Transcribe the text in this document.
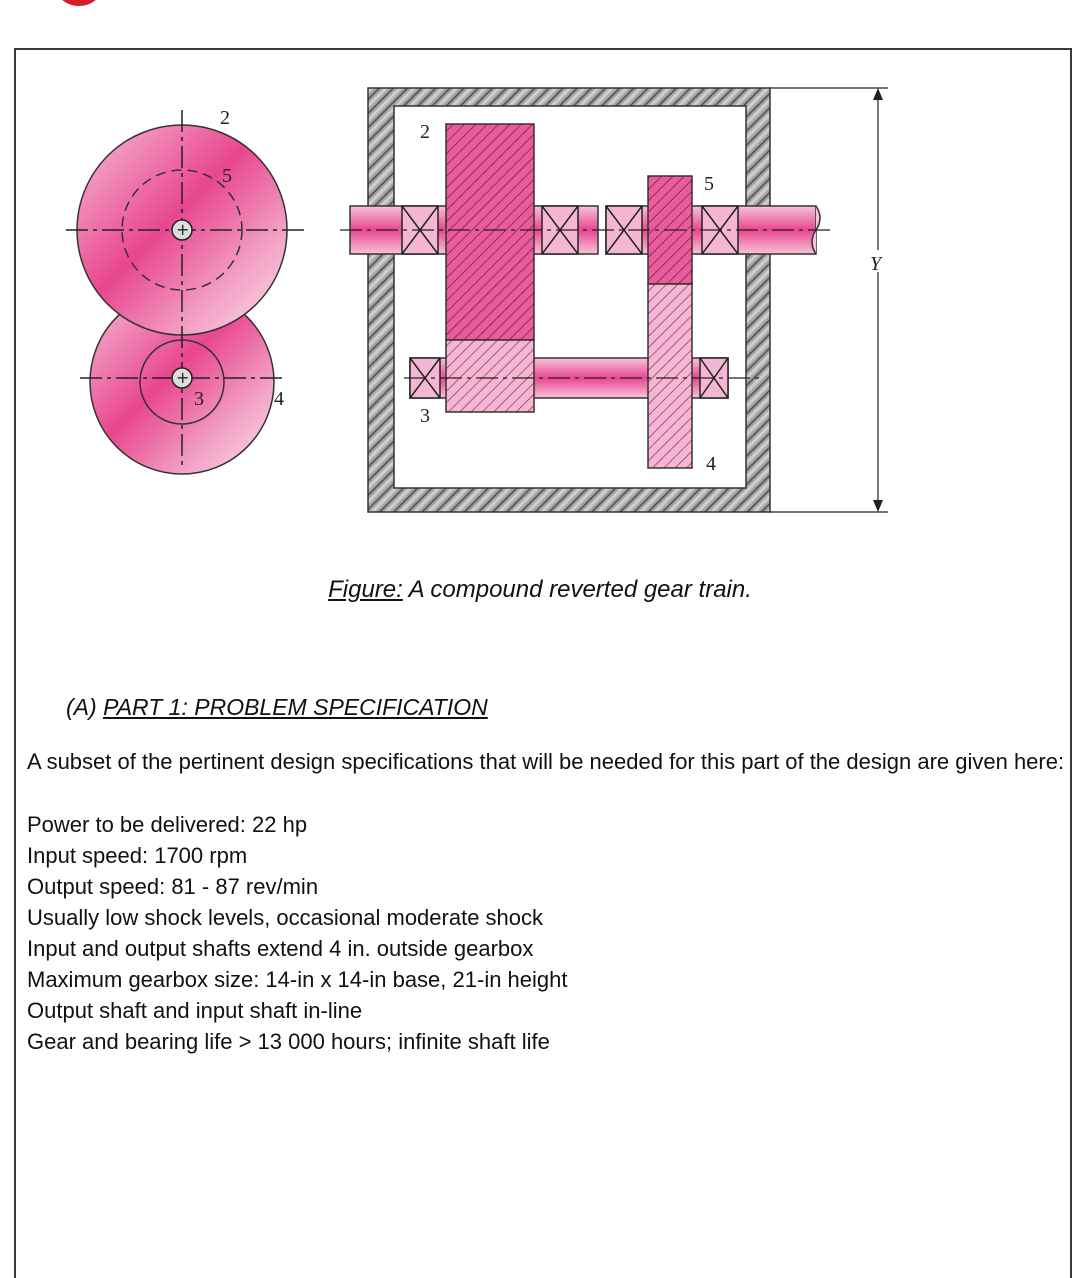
+
+
2
5
3	4
2
5
3
4
Y
Figure: A compound reverted gear train.
(A) PART 1: PROBLEM SPECIFICATION
A subset of the pertinent design specifications that will be needed for this part of the design are given here:
Power to be delivered: 22 hp
Input speed: 1700 rpm
Output speed: 81 - 87 rev/min
Usually low shock levels, occasional moderate shock
Input and output shafts extend 4 in. outside gearbox
Maximum gearbox size: 14-in x 14-in base, 21-in height
Output shaft and input shaft in-line
Gear and bearing life > 13 000 hours; infinite shaft life
